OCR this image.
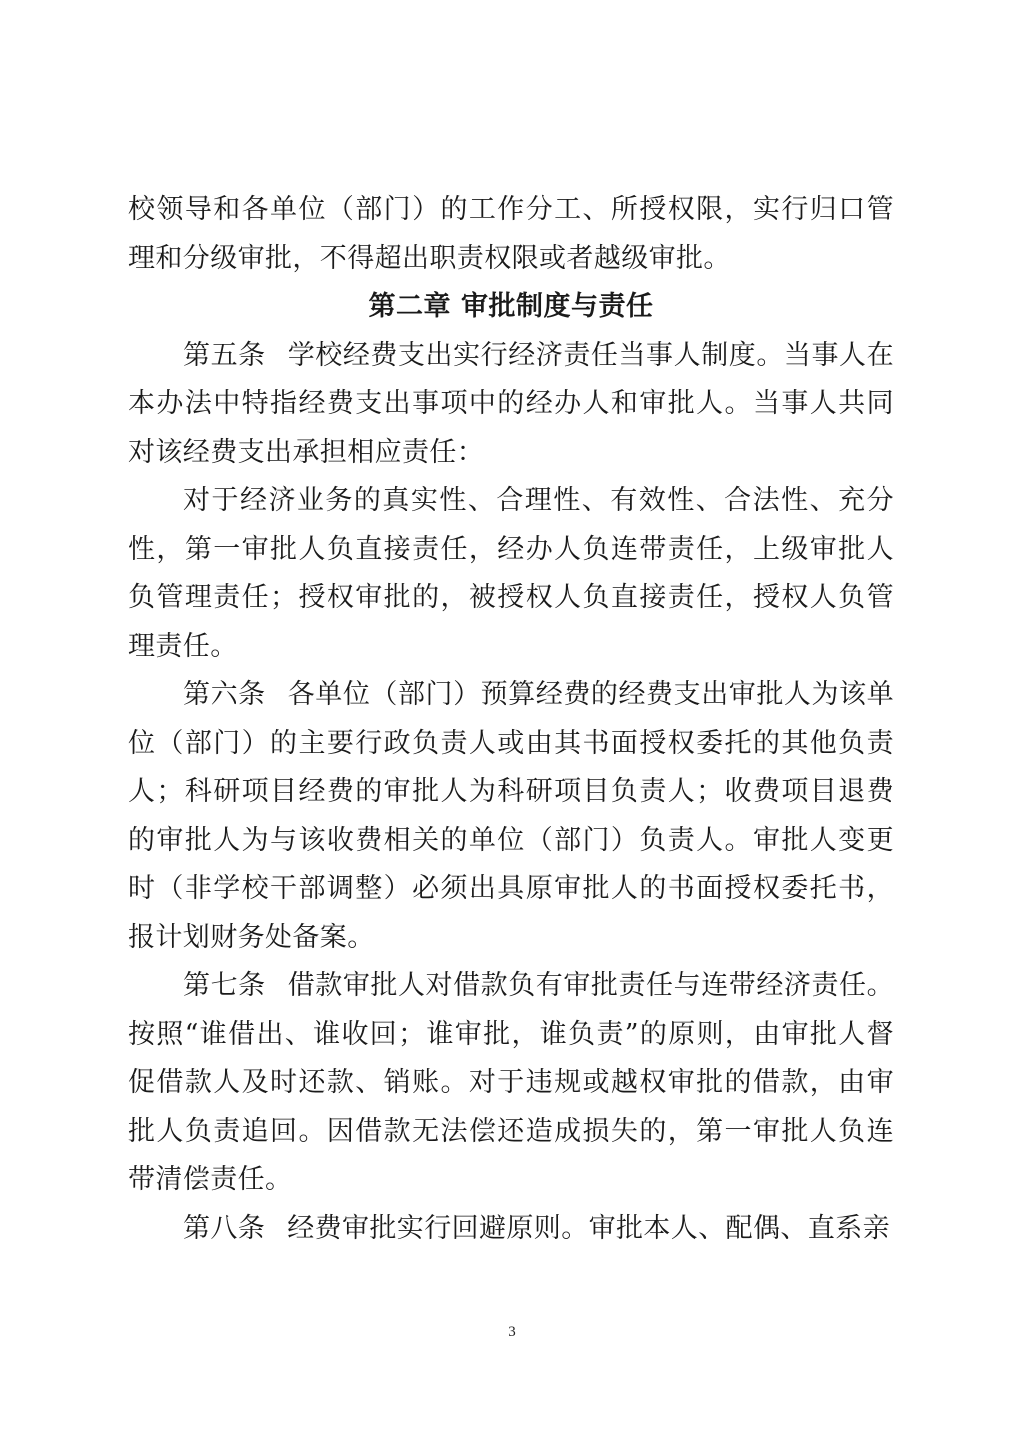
校领导和各单位（部门）的工作分工、所授权限，实行归口管理和分级审批，不得超出职责权限或者越级审批。

第二章 审批制度与责任

第五条 学校经费支出实行经济责任当事人制度。当事人在本办法中特指经费支出事项中的经办人和审批人。当事人共同对该经费支出承担相应责任：

对于经济业务的真实性、合理性、有效性、合法性、充分性，第一审批人负直接责任，经办人负连带责任，上级审批人负管理责任；授权审批的，被授权人负直接责任，授权人负管理责任。

第六条 各单位（部门）预算经费的经费支出审批人为该单位（部门）的主要行政负责人或由其书面授权委托的其他负责人；科研项目经费的审批人为科研项目负责人；收费项目退费的审批人为与该收费相关的单位（部门）负责人。审批人变更时（非学校干部调整）必须出具原审批人的书面授权委托书，报计划财务处备案。

第七条 借款审批人对借款负有审批责任与连带经济责任。按照“谁借出、谁收回；谁审批，谁负责”的原则，由审批人督促借款人及时还款、销账。对于违规或越权审批的借款，由审批人负责追回。因借款无法偿还造成损失的，第一审批人负连带清偿责任。

第八条 经费审批实行回避原则。审批本人、配偶、直系亲

3
